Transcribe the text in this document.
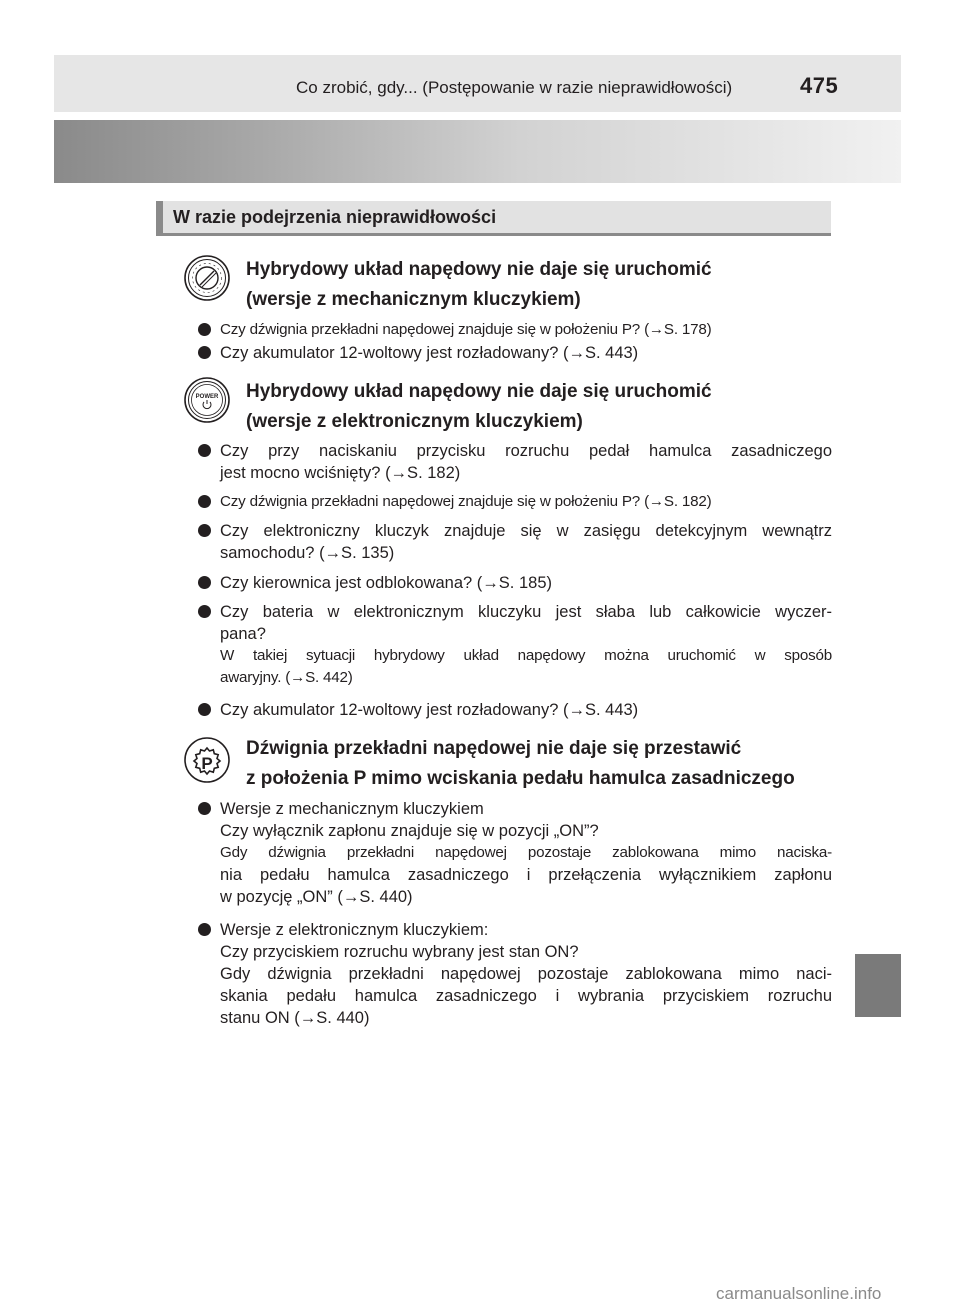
Co zrobić, gdy... (Postępowanie w razie nieprawidłowości)	475
W razie podejrzenia nieprawidłowości
Hybrydowy układ napędowy nie daje się uruchomić
(wersje z mechanicznym kluczykiem)
Czy dźwignia przekładni napędowej znajduje się w położeniu P? (→S. 178)
Czy akumulator 12-woltowy jest rozładowany? (→S. 443)
POWER Hybrydowy układ napędowy nie daje się uruchomić
(wersje z elektronicznym kluczykiem)
Czy przy naciskaniu przycisku rozruchu pedał hamulca zasadniczego
jest mocno wciśnięty? (→S. 182)
Czy dźwignia przekładni napędowej znajduje się w położeniu P? (→S. 182)
Czy elektroniczny kluczyk znajduje się w zasięgu detekcyjnym wewnątrz
samochodu? (→S. 135)
Czy kierownica jest odblokowana? (→S. 185)
Czy bateria w elektronicznym kluczyku jest słaba lub całkowicie wyczer-
pana?
W takiej sytuacji hybrydowy układ napędowy można uruchomić w sposób
awaryjny. (→S. 442)
Czy akumulator 12-woltowy jest rozładowany? (→S. 443)
P
Dźwignia przekładni napędowej nie daje się przestawić
z położenia P mimo wciskania pedału hamulca zasadniczego
Wersje z mechanicznym kluczykiem
Czy wyłącznik zapłonu znajduje się w pozycji „ON”?
Gdy dźwignia przekładni napędowej pozostaje zablokowana mimo naciska-
nia pedału hamulca zasadniczego i przełączenia wyłącznikiem zapłonu
w pozycję „ON” (→S. 440)
Wersje z elektronicznym kluczykiem:
Czy przyciskiem rozruchu wybrany jest stan ON?
Gdy dźwignia przekładni napędowej pozostaje zablokowana mimo naci-
skania pedału hamulca zasadniczego i wybrania przyciskiem rozruchu
stanu ON (→S. 440)
carmanualsonline.info
